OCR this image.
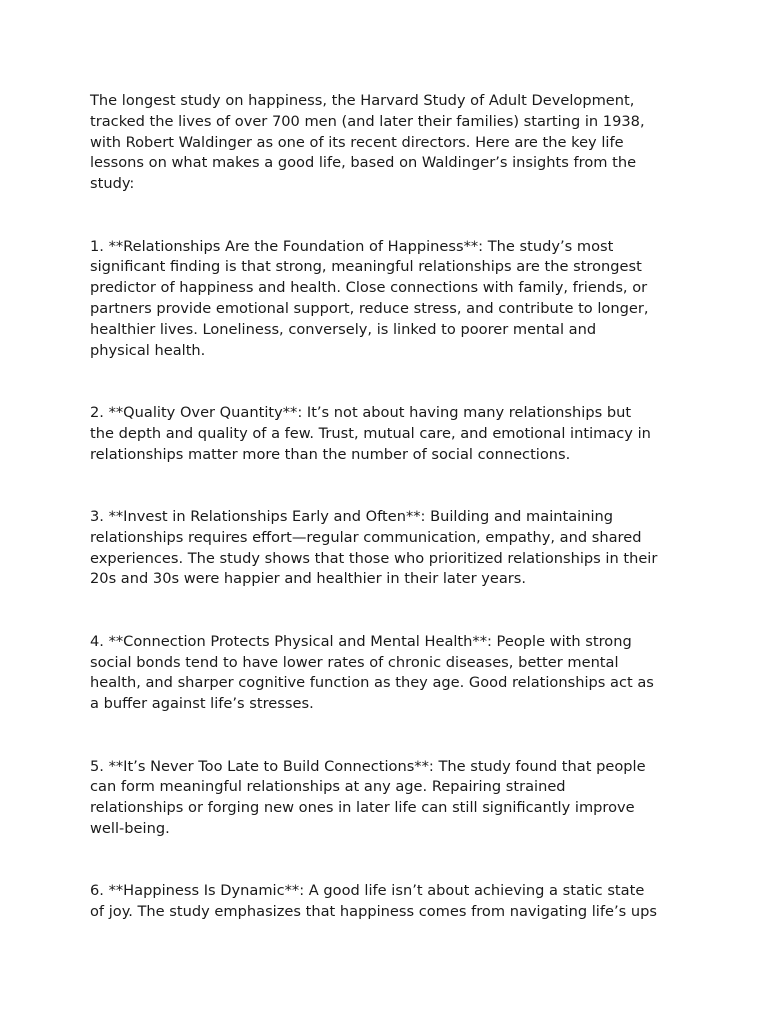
The longest study on happiness, the Harvard Study of Adult Development,
tracked the lives of over 700 men (and later their families) starting in 1938,
with Robert Waldinger as one of its recent directors. Here are the key life
lessons on what makes a good life, based on Waldinger’s insights from the
study:

1. **Relationships Are the Foundation of Happiness**: The study’s most
significant finding is that strong, meaningful relationships are the strongest
predictor of happiness and health. Close connections with family, friends, or
partners provide emotional support, reduce stress, and contribute to longer,
healthier lives. Loneliness, conversely, is linked to poorer mental and
physical health.

2. **Quality Over Quantity**: It’s not about having many relationships but
the depth and quality of a few. Trust, mutual care, and emotional intimacy in
relationships matter more than the number of social connections.

3. **Invest in Relationships Early and Often**: Building and maintaining
relationships requires effort—regular communication, empathy, and shared
experiences. The study shows that those who prioritized relationships in their
20s and 30s were happier and healthier in their later years.

4. **Connection Protects Physical and Mental Health**: People with strong
social bonds tend to have lower rates of chronic diseases, better mental
health, and sharper cognitive function as they age. Good relationships act as
a buffer against life’s stresses.

5. **It’s Never Too Late to Build Connections**: The study found that people
can form meaningful relationships at any age. Repairing strained
relationships or forging new ones in later life can still significantly improve
well-being.

6. **Happiness Is Dynamic**: A good life isn’t about achieving a static state
of joy. The study emphasizes that happiness comes from navigating life’s ups
